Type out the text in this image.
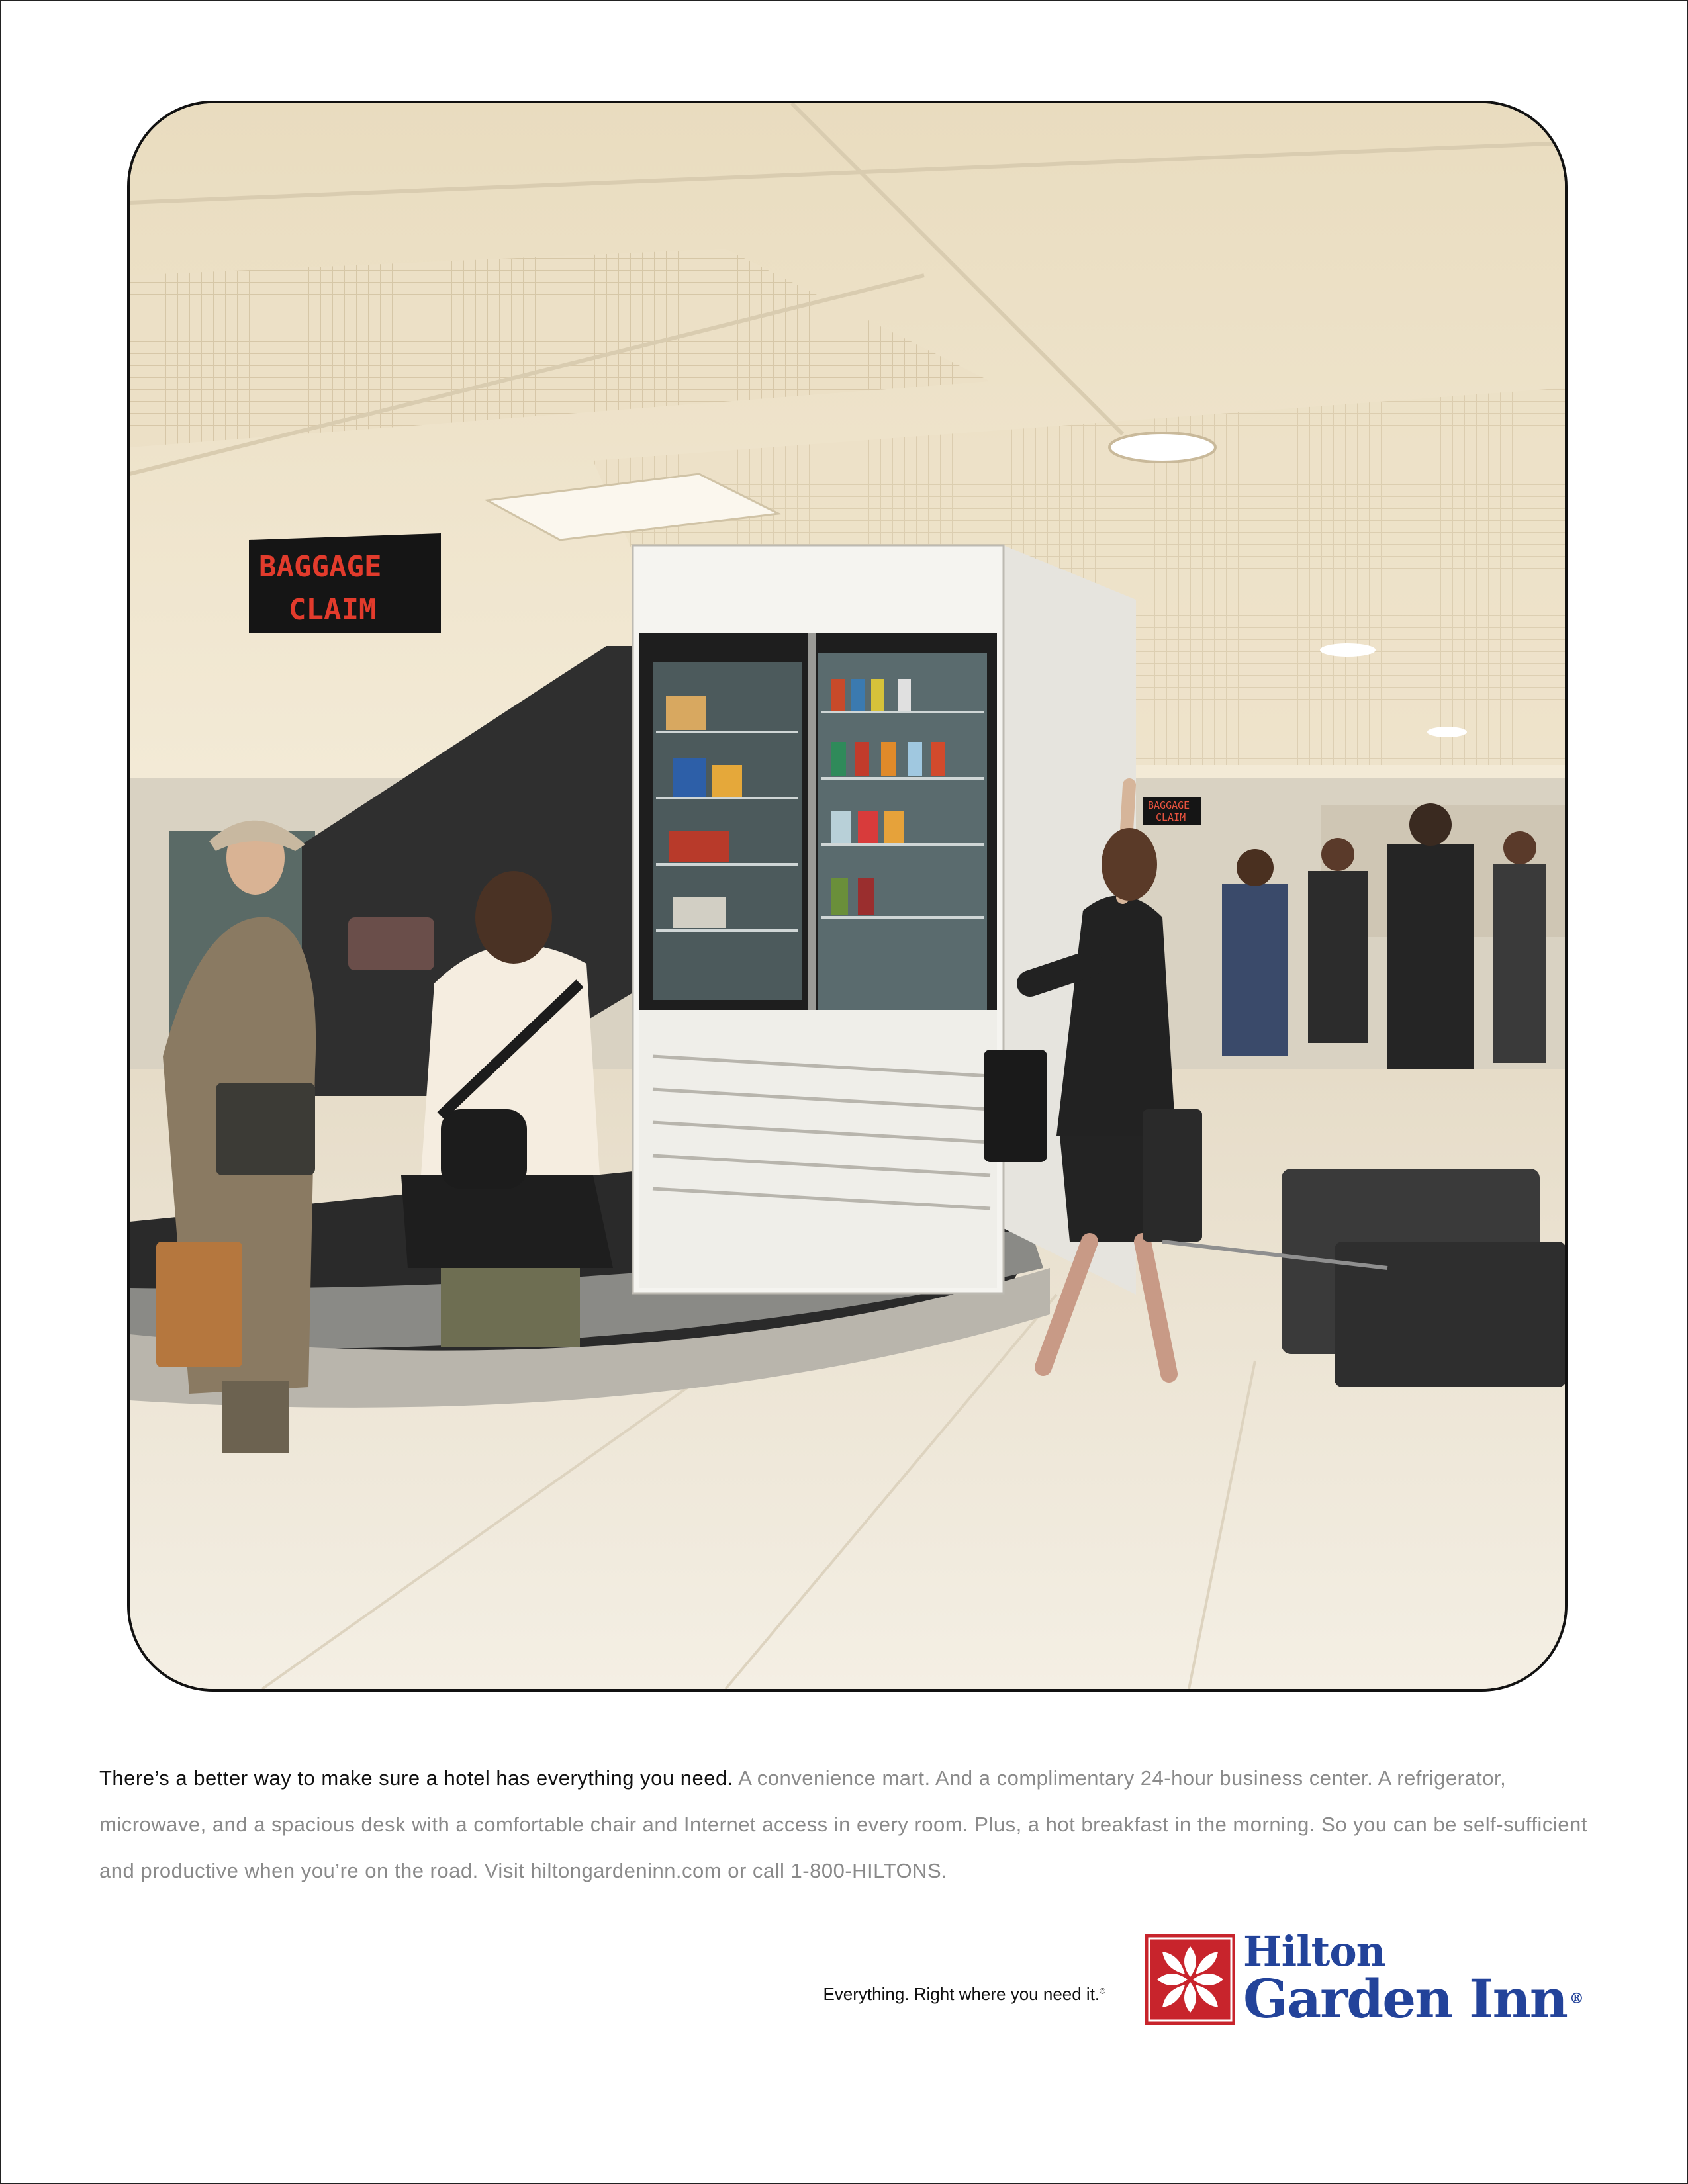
BAGGAGE
CLAIM
BAGGAGE
CLAIM
There’s a better way to make sure a hotel has everything you need. A convenience mart. And a complimentary 24-hour business center. A refrigerator, microwave, and a spacious desk with a comfortable chair and Internet access in every room. Plus, a hot breakfast in the morning. So you can be self-sufficient and productive when you’re on the road. Visit hiltongardeninn.com or call 1-800-HILTONS.
Everything. Right where you need it.®
Hilton
Garden Inn ®
